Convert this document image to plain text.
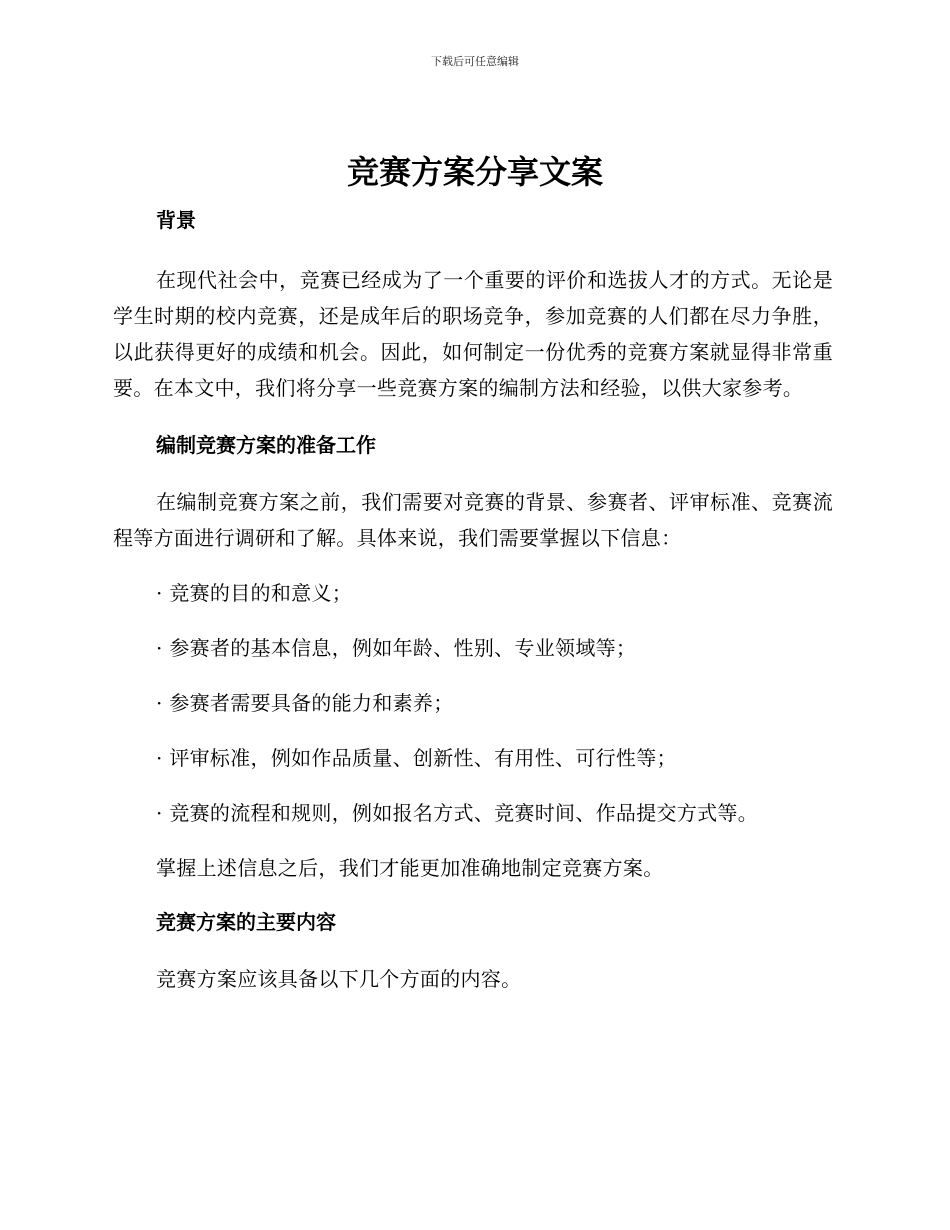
下载后可任意编辑
竞赛方案分享文案
背景

在现代社会中，竞赛已经成为了一个重要的评价和选拔人才的方式。无论是学生时期的校内竞赛，还是成年后的职场竞争，参加竞赛的人们都在尽力争胜，以此获得更好的成绩和机会。因此，如何制定一份优秀的竞赛方案就显得非常重要。在本文中，我们将分享一些竞赛方案的编制方法和经验，以供大家参考。

编制竞赛方案的准备工作

在编制竞赛方案之前，我们需要对竞赛的背景、参赛者、评审标准、竞赛流程等方面进行调研和了解。具体来说，我们需要掌握以下信息：

· 竞赛的目的和意义；

· 参赛者的基本信息，例如年龄、性别、专业领域等；

· 参赛者需要具备的能力和素养；

· 评审标准，例如作品质量、创新性、有用性、可行性等；

· 竞赛的流程和规则，例如报名方式、竞赛时间、作品提交方式等。

掌握上述信息之后，我们才能更加准确地制定竞赛方案。

竞赛方案的主要内容

竞赛方案应该具备以下几个方面的内容。
